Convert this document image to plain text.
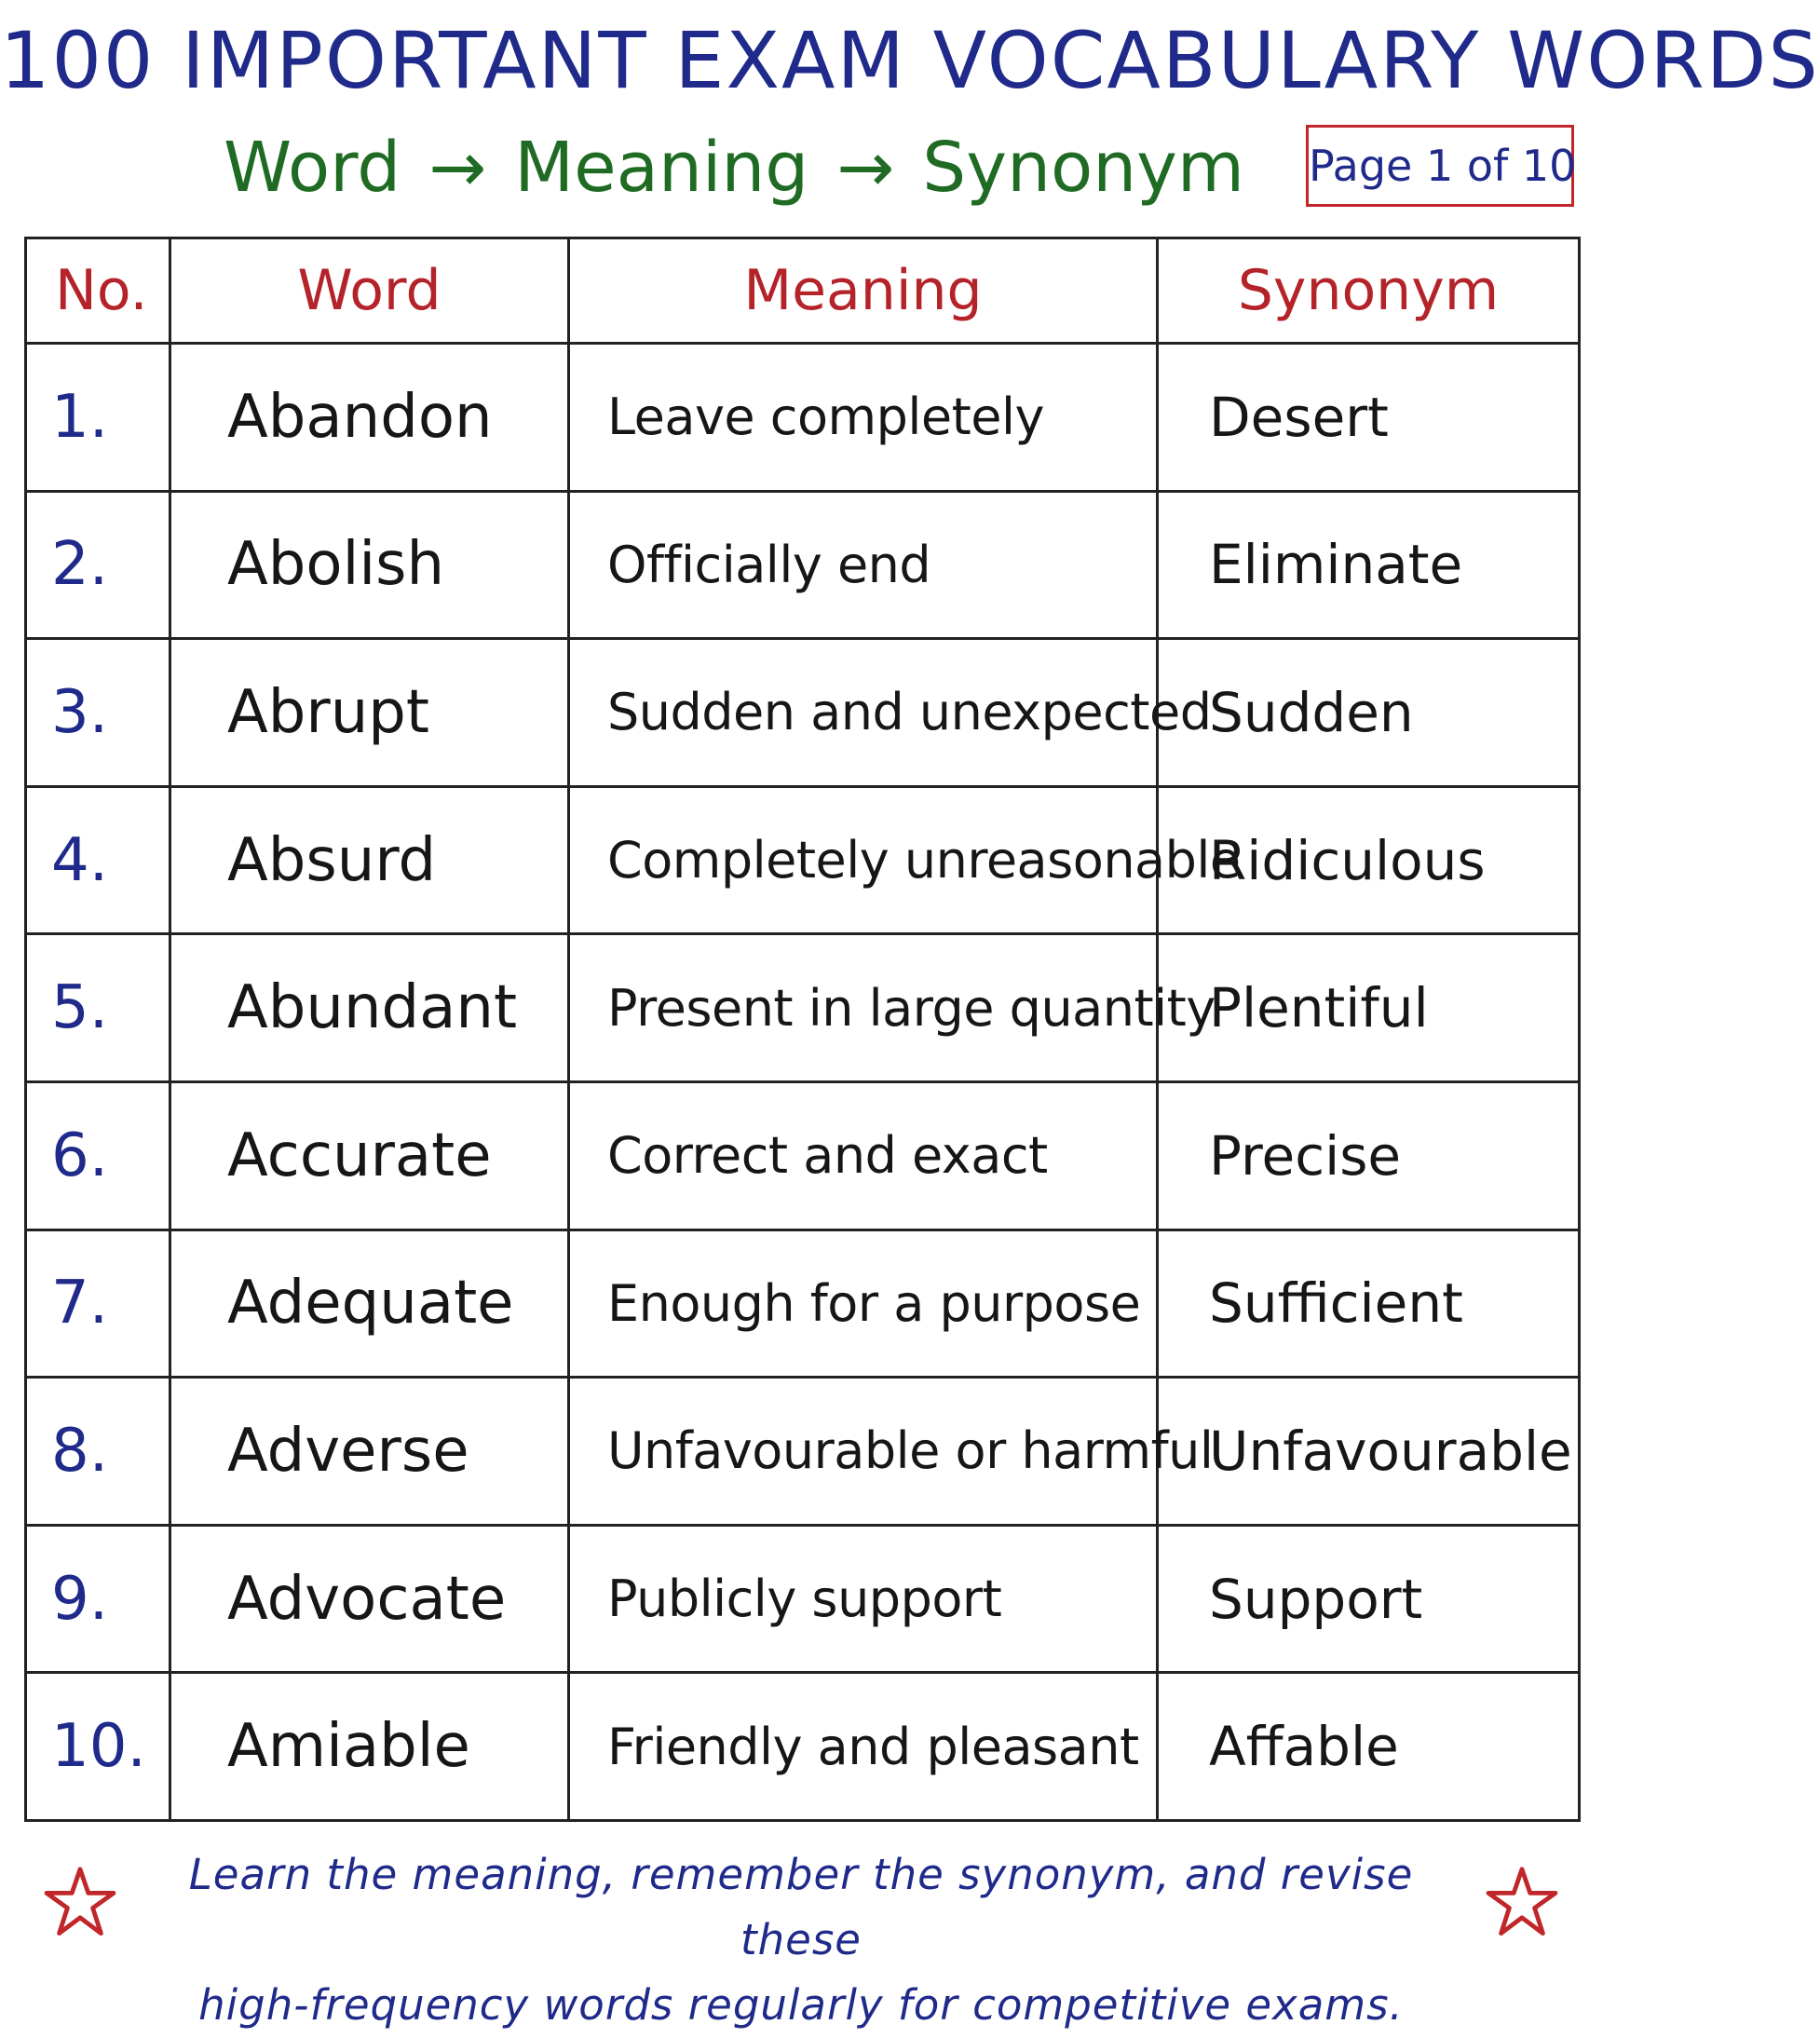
100 IMPORTANT EXAM VOCABULARY WORDS
Word → Meaning → Synonym Page 1 of 10
No.	Word	Meaning	Synonym
1.	Abandon	Leave completely	Desert
2.	Abolish	Officially end	Eliminate
3.	Abrupt	Sudden and unexpected	Sudden
4.	Absurd	Completely unreasonable	Ridiculous
5.	Abundant	Present in large quantity	Plentiful
6.	Accurate	Correct and exact	Precise
7.	Adequate	Enough for a purpose	Sufficient
8.	Adverse	Unfavourable or harmful	Unfavourable
9.	Advocate	Publicly support	Support
10.	Amiable	Friendly and pleasant	Affable
Learn the meaning, remember the synonym, and revise these
high-frequency words regularly for competitive exams.
